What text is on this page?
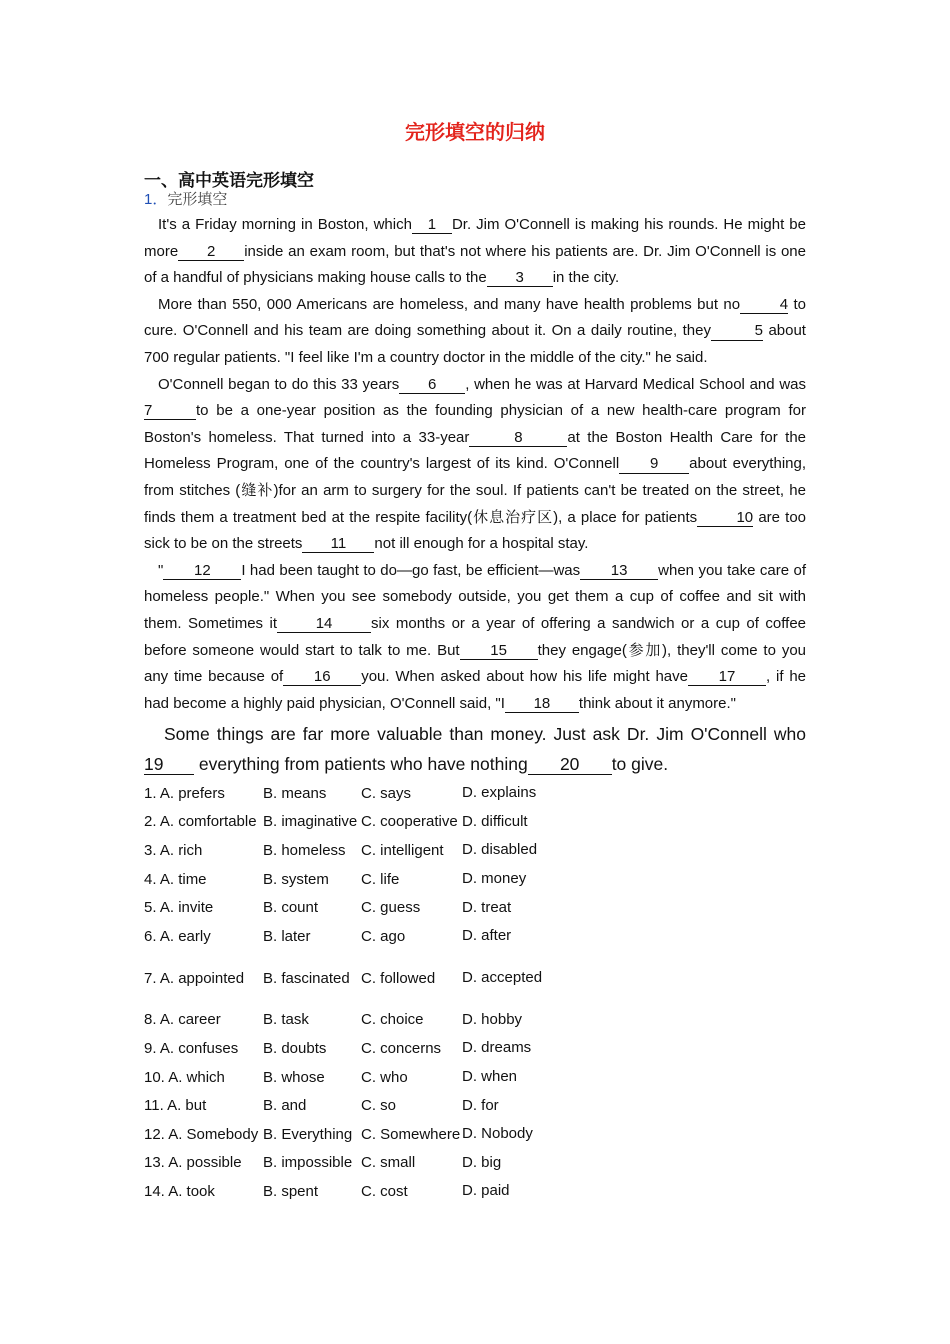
完形填空的归纳
一、高中英语完形填空
1．完形填空

It's a Friday morning in Boston, which 1 Dr. Jim O'Connell is making his rounds. He might be more 2 inside an exam room, but that's not where his patients are. Dr. Jim O'Connell is one of a handful of physicians making house calls to the 3 in the city.

More than 550, 000 Americans are homeless, and many have health problems but no	4 to cure. O'Connell and his team are doing something about it. On a daily routine, they	5 about 700 regular patients. "I feel like I'm a country doctor in the middle of the city." he said.

O'Connell began to do this 33 years 6 , when he was at Harvard Medical School and was 7	to be a one-year position as the founding physician of a new health-care program for Boston's homeless. That turned into a 33-year	8	at the Boston Health Care for the Homeless Program, one of the country's largest of its kind. O'Connell 9 about everything, from stitches (缝补)for an arm to surgery for the soul. If patients can't be treated on the street, he finds them a treatment bed at the respite facility(休息治疗区), a place for patients	10 are too sick to be on the streets 11 not ill enough for a hospital stay.

" 12 I had been taught to do—go fast, be efficient—was 13 when you take care of homeless people." When you see somebody outside, you get them a cup of coffee and sit with them. Sometimes it	14	six months or a year of offering a sandwich or a cup of coffee before someone would start to talk to me. But 15 they engage(参加), they'll come to you any time because of 16 you. When asked about how his life might have 17 , if he had become a highly paid physician, O'Connell said, "I 18 think about it anymore."

Some things are far more valuable than money. Just ask Dr. Jim O'Connell who 19 everything from patients who have nothing 20 to give.

1. A. prefers	B. means	C. says	D. explains
2. A. comfortable	B. imaginative	C. cooperative	D. difficult
3. A. rich	B. homeless	C. intelligent	D. disabled
4. A. time	B. system	C. life	D. money
5. A. invite	B. count	C. guess	D. treat
6. A. early	B. later	C. ago	D. after
7. A. appointed	B. fascinated	C. followed	D. accepted
8. A. career	B. task	C. choice	D. hobby
9. A. confuses	B. doubts	C. concerns	D. dreams
10. A. which	B. whose	C. who	D. when
11. A. but	B. and	C. so	D. for
12. A. Somebody	B. Everything	C. Somewhere	D. Nobody
13. A. possible	B. impossible	C. small	D. big
14. A. took	B. spent	C. cost	D. paid
